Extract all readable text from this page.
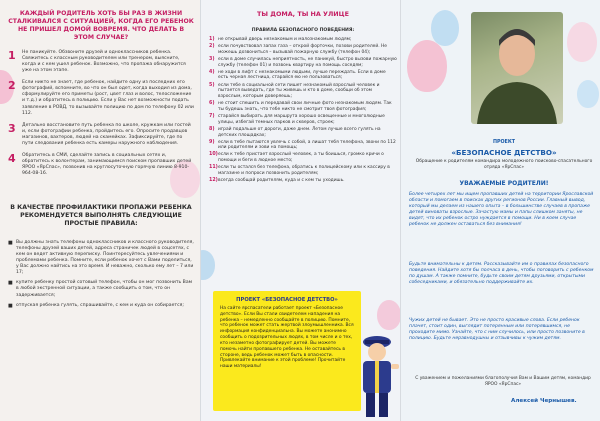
КАЖДЫЙ РОДИТЕЛЬ ХОТЬ БЫ РАЗ В ЖИЗНИ СТАЛКИВАЛСЯ С СИТУАЦИЕЙ, КОГДА ЕГО РЕБЕНОК НЕ ПРИШЕЛ ДОМОЙ ВОВРЕМЯ. ЧТО ДЕЛАТЬ В ЭТОМ СЛУЧАЕ?
1	Не паникуйте. Обзвоните друзей и одноклассников ребенка. Свяжитесь с классным руководителем или тренером, выясните, когда и с кем ушел ребенок. Возможно, что пропажа обнаружится уже на этом этапе.
2	Если никто не знает, где ребенок, найдите одну из последних его фотографий, вспомните, во что он был одет, когда выходил из дома, сформулируйте его приметы (рост, цвет глаз и волос, телосложение и т.д.) и обратитесь в полицию. Если у Вас нет возможности подать заявление в РОВД, то вызывайте полицию по дом по телефону 02 или 112.
3	Детально восстановите путь ребенка по школе, кружкам или гостей и, если фотографии ребенка, пройдитесь его. Опросите продавцов магазинов, вахтеров, людей на скамейках. Зафиксируйте, где по пути следования ребенка есть камеры наружного наблюдения.
4	Обратитесь в СМИ, сделайте запись в социальных сетях и, обратитесь к волонтерам, занимающимся поиском пропавших детей ЯРОО «ЯрСпас», позвонив на круглосуточную горячую линию 8-910-964-08-16.
В КАЧЕСТВЕ ПРОФИЛАКТИКИ ПРОПАЖИ РЕБЕНКА РЕКОМЕНДУЕТСЯ ВЫПОЛНЯТЬ СЛЕДУЮЩИЕ ПРОСТЫЕ ПРАВИЛА:
■ Вы должны знать телефоны одноклассников и классного руководителя, телефоны друзей ваших детей, адреса страничек людей в соцсетях, с кем он ведет активную переписку. Поинтересуйтесь увлечениями и проблемами ребенка. Помните, если ребенок хочет с Вами поделиться, у Вас должно найтись на это время. И неважно, сколько ему лет – 7 или 17;
■ купите ребенку простой сотовый телефон, чтобы он мог позвонить Вам в любой экстренной ситуации, а также сообщить о том, что он задерживается;
■ отпуская ребенка гулять, спрашивайте, с кем и куда он собирается;
ТЫ ДОМА, ТЫ НА УЛИЦЕ
ПРАВИЛА БЕЗОПАСНОГО ПОВЕДЕНИЯ:
1) не открывай дверь незнакомым и малознакомым людям;
2) если почувствовал запах газа – открой форточки, позови родителей. Не можешь дозвониться – вызывай пожарную службу (телефон 04);
3) если в доме случилась неприятность, не паникуй, быстро вызови пожарную службу (телефон 01) и позвонь квартиру на помощь соседям;
4) не ходи в лифт с незнакомыми людьми, лучше переждать. Если в доме есть черная лестница, старайся ею не пользоваться;
5) если тебе в социальной сети пишет незнакомый взрослый человек и пытается выведать, где ты живешь и кто в доме, сообщи об этом взрослым, которым доверяешь;
6) не стоит спешить и передавай свои личные фото незнакомым людям. Так ты будешь знать, что тебе никто не смотрит твоя фотография;
7) старайся выбирать для маршрута хорошо освещенные и многолюдные улицы, избегай темных парков и скверов, строек;
8) играй подальше от дороги, даже днем. Летом лучше всего гулять на детских площадках;
9) если в тебе пытаются увлечь с собой, а лишат тебя телефона, звони по 112 или родителям и зови на помощь;
10) если к тебе пристает взрослый человек, а ты боишься, громко кричи о помощи и беги в людное место;
11) если ты остался без телефона, обратись к полицейскому или к кассиру в магазине и попроси позвонить родителям;
12) всегда сообщай родителям, куда и с кем ты уходишь.
ПРОЕКТ «БЕЗОПАСНОЕ ДЕТСТВО»
На сайте ярспасатели работает проект «Безопасное детство». Если Вы стали свидетелем нападения на ребенка – немедленно сообщайте в полицию. Помните, что ребенок может стать жертвой злоумышленника. Вся информация конфиденциальна. Вы можете анонимно сообщить о подозрительных людях, в том числе и о тех, кто незаметно фотографирует детей. Вы можете помочь найти пропавшего ребенка. Не оставайтесь в стороне, ведь ребенок может быть в опасности. Привлекайте внимание к этой проблеме! Прочитайте наши материалы!
ПРОЕКТ
«БЕЗОПАСНОЕ ДЕТСТВО»
Обращение к родителям командира молодежного поисково-спасательного отряда «ЯрСпас»
УВАЖАЕМЫЕ РОДИТЕЛИ!
Более четырех лет мы ищем пропавших детей на территории Ярославской области и помогаем в поисках других регионов России. Главный вывод, который мы делаем из нашего опыта – в большинстве случаев в пропаже детей виноваты взрослые. Зачастую мамы и папы слишком заняты, не видят, что их ребенок остро нуждается в помощи. Ни в коем случае ребенок не должен оставаться без внимания!
Будьте внимательны к детям. Рассказывайте им о правилах безопасного поведения. Найдите хотя бы полчаса в день, чтобы поговорить с ребенком по душам. А также помните, будьте своим детям друзьями, открытыми собеседниками, и обязательно поддерживайте их.
Чужих детей не бывает. Это не просто красивые слова. Если ребенок плачет, стоит один, выглядит потерянным или потерявшимся, не проходите мимо. Узнайте, что с ним случилось, или просто позвоните в полицию. Будьте неравнодушны и отзывчивы к чужим детям.
С уважением и пожеланиями благополучия Вам и Вашим детям, командир ЯРОО «ЯрСпас»
Алексей Чернышев.
